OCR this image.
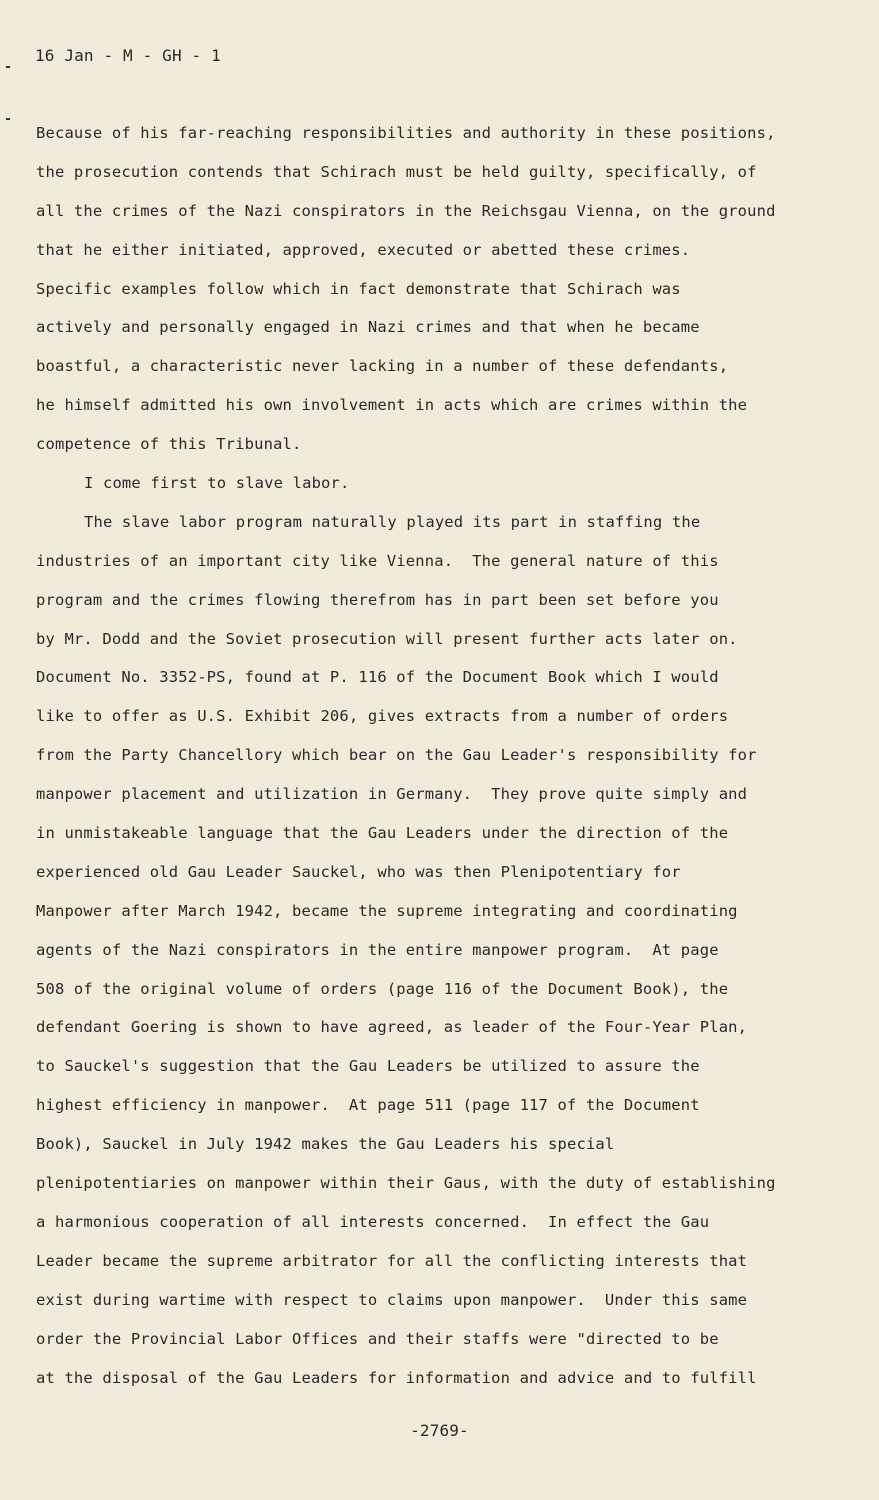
16 Jan - M - GH - 1
Because of his far-reaching responsibilities and authority in these positions,
the prosecution contends that Schirach must be held guilty, specifically, of
all the crimes of the Nazi conspirators in the Reichsgau Vienna, on the ground
that he either initiated, approved, executed or abetted these crimes.
Specific examples follow which in fact demonstrate that Schirach was
actively and personally engaged in Nazi crimes and that when he became
boastful, a characteristic never lacking in a number of these defendants,
he himself admitted his own involvement in acts which are crimes within the
competence of this Tribunal.
I come first to slave labor.
The slave labor program naturally played its part in staffing the
industries of an important city like Vienna.  The general nature of this
program and the crimes flowing therefrom has in part been set before you
by Mr. Dodd and the Soviet prosecution will present further acts later on.
Document No. 3352-PS, found at P. 116 of the Document Book which I would
like to offer as U.S. Exhibit 206, gives extracts from a number of orders
from the Party Chancellory which bear on the Gau Leader's responsibility for
manpower placement and utilization in Germany.  They prove quite simply and
in unmistakeable language that the Gau Leaders under the direction of the
experienced old Gau Leader Sauckel, who was then Plenipotentiary for
Manpower after March 1942, became the supreme integrating and coordinating
agents of the Nazi conspirators in the entire manpower program.  At page
508 of the original volume of orders (page 116 of the Document Book), the
defendant Goering is shown to have agreed, as leader of the Four-Year Plan,
to Sauckel's suggestion that the Gau Leaders be utilized to assure the
highest efficiency in manpower.  At page 511 (page 117 of the Document
Book), Sauckel in July 1942 makes the Gau Leaders his special
plenipotentiaries on manpower within their Gaus, with the duty of establishing
a harmonious cooperation of all interests concerned.  In effect the Gau
Leader became the supreme arbitrator for all the conflicting interests that
exist during wartime with respect to claims upon manpower.  Under this same
order the Provincial Labor Offices and their staffs were "directed to be
at the disposal of the Gau Leaders for information and advice and to fulfill
-2769-
